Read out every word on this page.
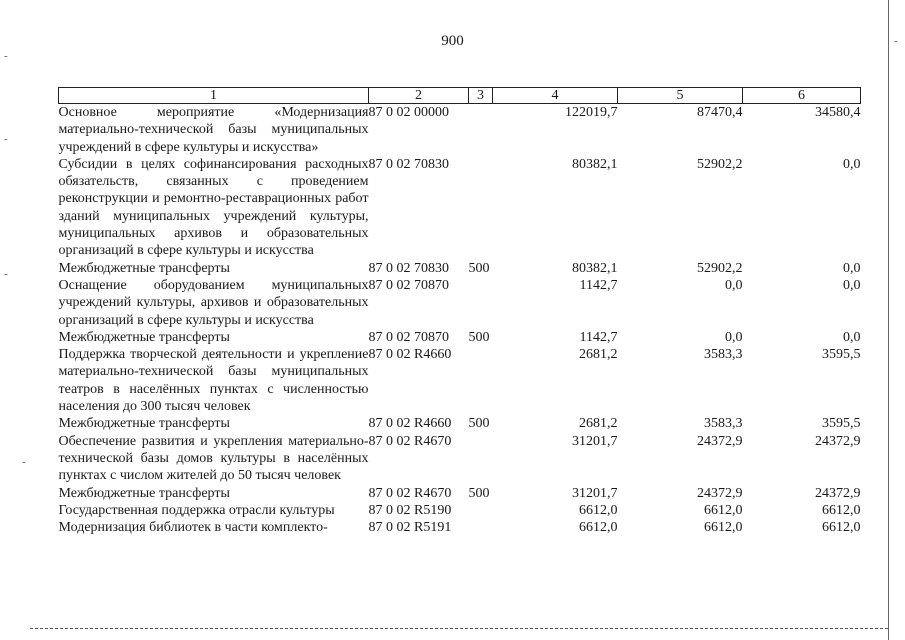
900
-
-
-
-
-
1	2	3	4	5	6
Основное мероприятие «Модернизация материально-технической базы муниципальных учреждений в сфере культуры и искусства»	87 0 02 00000		122019,7	87470,4	34580,4
Субсидии в целях софинансирования расходных обязательств, связанных с проведением реконструкции и ремонтно-реставрационных работ зданий муниципальных учреждений культуры, муниципальных архивов и образовательных организаций в сфере культуры и искусства	87 0 02 70830		80382,1	52902,2	0,0
Межбюджетные трансферты	87 0 02 70830	500	80382,1	52902,2	0,0
Оснащение оборудованием муниципальных учреждений культуры, архивов и образовательных организаций в сфере культуры и искусства	87 0 02 70870		1142,7	0,0	0,0
Межбюджетные трансферты	87 0 02 70870	500	1142,7	0,0	0,0
Поддержка творческой деятельности и укрепление материально-технической базы муниципальных театров в населённых пунктах с численностью населения до 300 тысяч человек	87 0 02 R4660		2681,2	3583,3	3595,5
Межбюджетные трансферты	87 0 02 R4660	500	2681,2	3583,3	3595,5
Обеспечение развития и укрепления материально-технической базы домов культуры в населённых пунктах с числом жителей до 50 тысяч человек	87 0 02 R4670		31201,7	24372,9	24372,9
Межбюджетные трансферты	87 0 02 R4670	500	31201,7	24372,9	24372,9
Государственная поддержка отрасли культуры	87 0 02 R5190		6612,0	6612,0	6612,0
Модернизация библиотек в части комплекто-	87 0 02 R5191		6612,0	6612,0	6612,0
